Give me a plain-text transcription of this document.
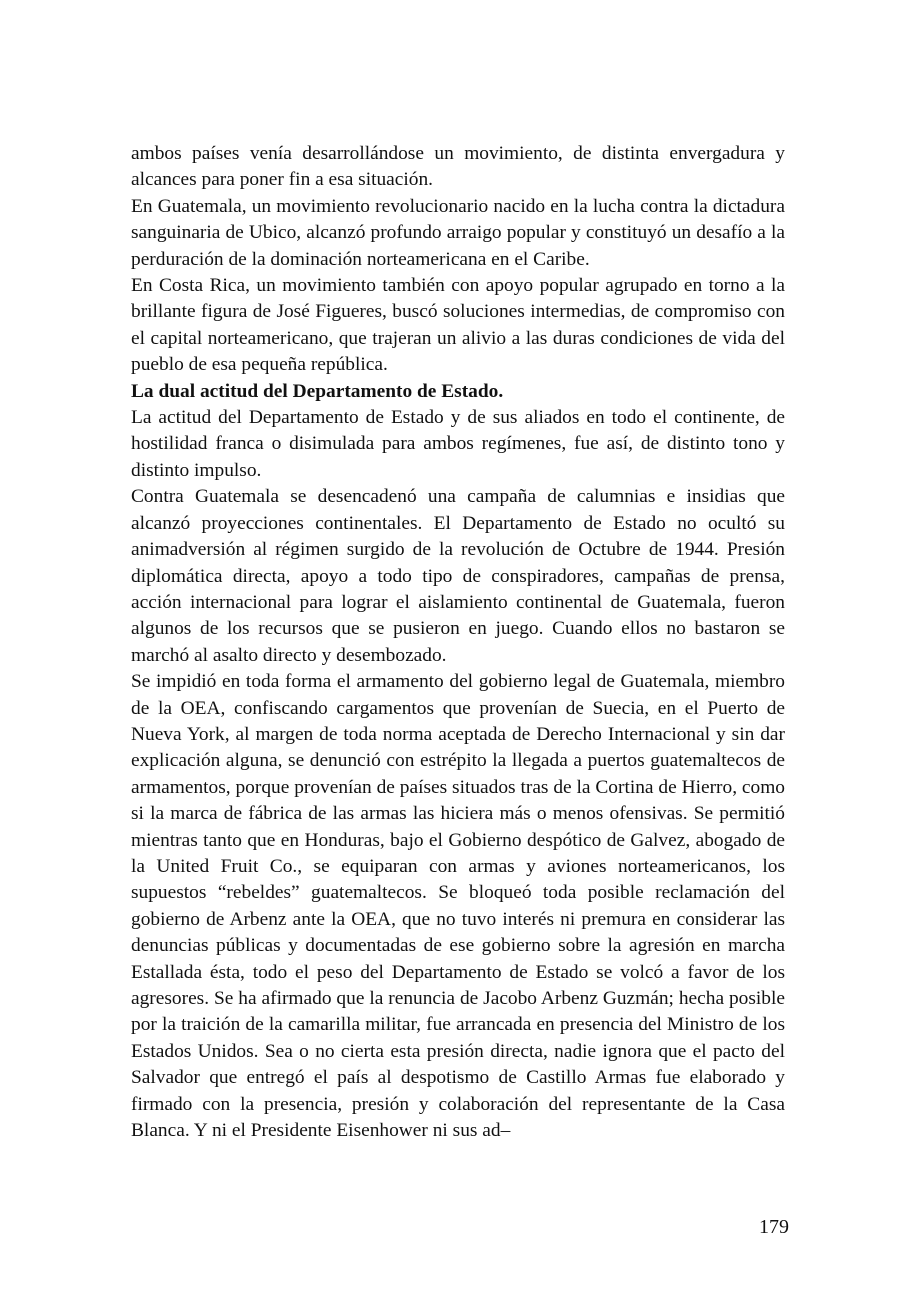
ambos países venía desarrollándose un movimiento, de distinta envergadura y alcances para poner fin a esa situación.

En Guatemala, un movimiento revolucionario nacido en la lucha contra la dictadura sanguinaria de Ubico, alcanzó profundo arraigo popular y constituyó un desafío a la perduración de la dominación norteamericana en el Caribe.

En Costa Rica, un movimiento también con apoyo popular agrupado en torno a la brillante figura de José Figueres, buscó soluciones intermedias, de compromiso con el capital norteamericano, que trajeran un alivio a las duras condiciones de vida del pueblo de esa pequeña república.

La dual actitud del Departamento de Estado.

La actitud del Departamento de Estado y de sus aliados en todo el continente, de hostilidad franca o disimulada para ambos regímenes, fue así, de distinto tono y distinto impulso.

Contra Guatemala se desencadenó una campaña de calumnias e insidias que alcanzó proyecciones continentales. El Departamento de Estado no ocultó su animadversión al régimen surgido de la revolución de Octubre de 1944. Presión diplomática directa, apoyo a todo tipo de conspiradores, campañas de prensa, acción internacional para lograr el aislamiento continental de Guatemala, fueron algunos de los recursos que se pusieron en juego. Cuando ellos no bastaron se marchó al asalto directo y desembozado.

Se impidió en toda forma el armamento del gobierno legal de Guatemala, miembro de la OEA, confiscando cargamentos que provenían de Suecia, en el Puerto de Nueva York, al margen de toda norma aceptada de Derecho Internacional y sin dar explicación alguna, se denunció con estrépito la llegada a puertos guatemaltecos de armamentos, porque provenían de países situados tras de la Cortina de Hierro, como si la marca de fábrica de las armas las hiciera más o menos ofensivas. Se permitió mientras tanto que en Honduras, bajo el Gobierno despótico de Galvez, abogado de la United Fruit Co., se equiparan con armas y aviones norteamericanos, los supuestos “rebeldes” guatemaltecos. Se bloqueó toda posible reclamación del gobierno de Arbenz ante la OEA, que no tuvo interés ni premura en considerar las denuncias públicas y documentadas de ese gobierno sobre la agresión en marcha Estallada ésta, todo el peso del Departamento de Estado se volcó a favor de los agresores. Se ha afirmado que la renuncia de Jacobo Arbenz Guzmán; hecha posible por la traición de la camarilla militar, fue arrancada en presencia del Ministro de los Estados Unidos. Sea o no cierta esta presión directa, nadie ignora que el pacto del Salvador que entregó el país al despotismo de Castillo Armas fue elaborado y firmado con la presencia, presión y colaboración del representante de la Casa Blanca. Y ni el Presidente Eisenhower ni sus ad–

179
